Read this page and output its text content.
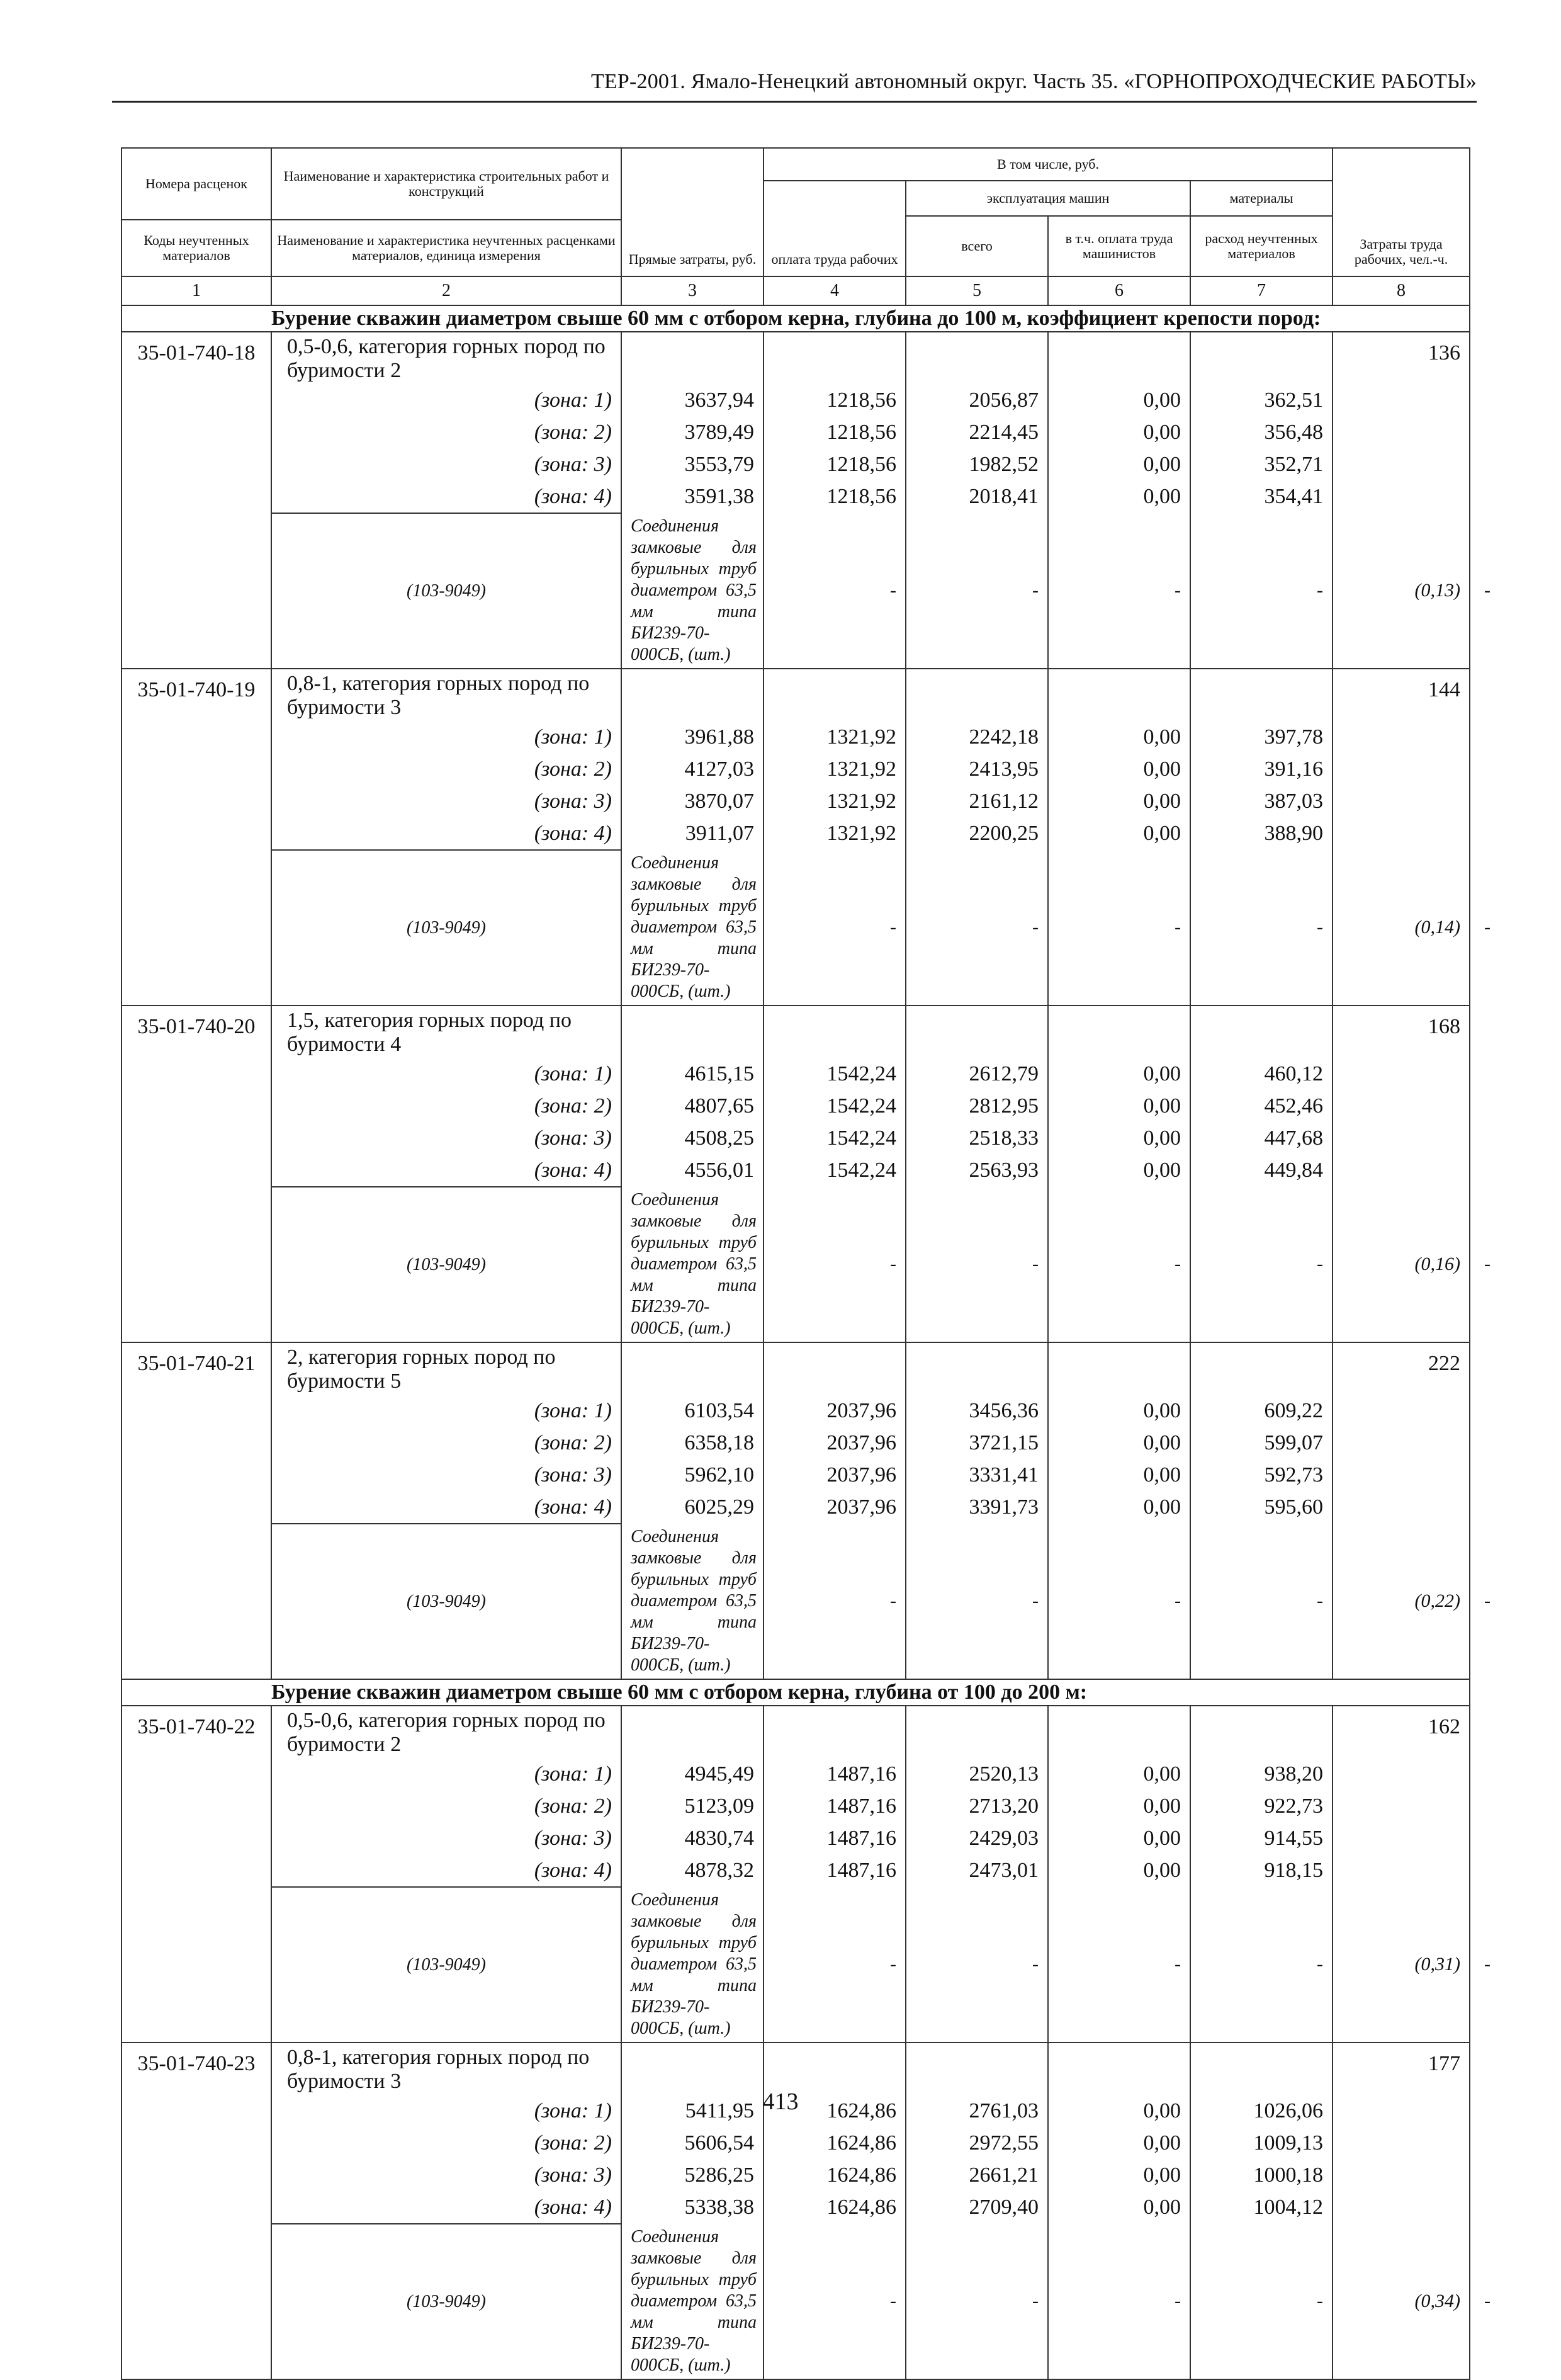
ТЕР-2001. Ямало-Ненецкий автономный округ. Часть 35. «ГОРНОПРОХОДЧЕСКИЕ РАБОТЫ»
Номера расценок	Наименование и характеристика строительных работ и конструкций	Прямые затраты, руб.	В том числе, руб.				Затраты труда рабочих, чел.-ч.	
			оплата труда рабочих	эксплуатация машин		материалы		
				всего	в т.ч. оплата труда машинистов	расход неучтенных материалов		
Коды неучтенных материалов	Наименование и характеристика неучтенных расценками материалов, единица измерения							
1	2	3	4	5	6	7	8	
	Бурение скважин диаметром свыше 60 мм с отбором керна, глубина до 100 м, коэффициент крепости пород:							
35-01-740-18	0,5-0,6, категория горных пород по буримости 2						136	
	(зона: 1)	3637,94	1218,56	2056,87	0,00	362,51		
	(зона: 2)	3789,49	1218,56	2214,45	0,00	356,48		
	(зона: 3)	3553,79	1218,56	1982,52	0,00	352,71		
	(зона: 4)	3591,38	1218,56	2018,41	0,00	354,41		
	(103-9049)	Соединения замковые для бурильных труб диаметром 63,5 мм типа БИ239-70-000СБ, (шт.)	-	-	-	-	(0,13)	-
35-01-740-19	0,8-1, категория горных пород по буримости 3						144	
	(зона: 1)	3961,88	1321,92	2242,18	0,00	397,78		
	(зона: 2)	4127,03	1321,92	2413,95	0,00	391,16		
	(зона: 3)	3870,07	1321,92	2161,12	0,00	387,03		
	(зона: 4)	3911,07	1321,92	2200,25	0,00	388,90		
	(103-9049)	Соединения замковые для бурильных труб диаметром 63,5 мм типа БИ239-70-000СБ, (шт.)	-	-	-	-	(0,14)	-
35-01-740-20	1,5, категория горных пород по буримости 4						168	
	(зона: 1)	4615,15	1542,24	2612,79	0,00	460,12		
	(зона: 2)	4807,65	1542,24	2812,95	0,00	452,46		
	(зона: 3)	4508,25	1542,24	2518,33	0,00	447,68		
	(зона: 4)	4556,01	1542,24	2563,93	0,00	449,84		
	(103-9049)	Соединения замковые для бурильных труб диаметром 63,5 мм типа БИ239-70-000СБ, (шт.)	-	-	-	-	(0,16)	-
35-01-740-21	2, категория горных пород по буримости 5						222	
	(зона: 1)	6103,54	2037,96	3456,36	0,00	609,22		
	(зона: 2)	6358,18	2037,96	3721,15	0,00	599,07		
	(зона: 3)	5962,10	2037,96	3331,41	0,00	592,73		
	(зона: 4)	6025,29	2037,96	3391,73	0,00	595,60		
	(103-9049)	Соединения замковые для бурильных труб диаметром 63,5 мм типа БИ239-70-000СБ, (шт.)	-	-	-	-	(0,22)	-
	Бурение скважин диаметром свыше 60 мм с отбором керна, глубина от 100 до 200 м:							
35-01-740-22	0,5-0,6, категория горных пород по буримости 2						162	
	(зона: 1)	4945,49	1487,16	2520,13	0,00	938,20		
	(зона: 2)	5123,09	1487,16	2713,20	0,00	922,73		
	(зона: 3)	4830,74	1487,16	2429,03	0,00	914,55		
	(зона: 4)	4878,32	1487,16	2473,01	0,00	918,15		
	(103-9049)	Соединения замковые для бурильных труб диаметром 63,5 мм типа БИ239-70-000СБ, (шт.)	-	-	-	-	(0,31)	-
35-01-740-23	0,8-1, категория горных пород по буримости 3						177	
	(зона: 1)	5411,95	1624,86	2761,03	0,00	1026,06		
	(зона: 2)	5606,54	1624,86	2972,55	0,00	1009,13		
	(зона: 3)	5286,25	1624,86	2661,21	0,00	1000,18		
	(зона: 4)	5338,38	1624,86	2709,40	0,00	1004,12		
	(103-9049)	Соединения замковые для бурильных труб диаметром 63,5 мм типа БИ239-70-000СБ, (шт.)	-	-	-	-	(0,34)	-
413
